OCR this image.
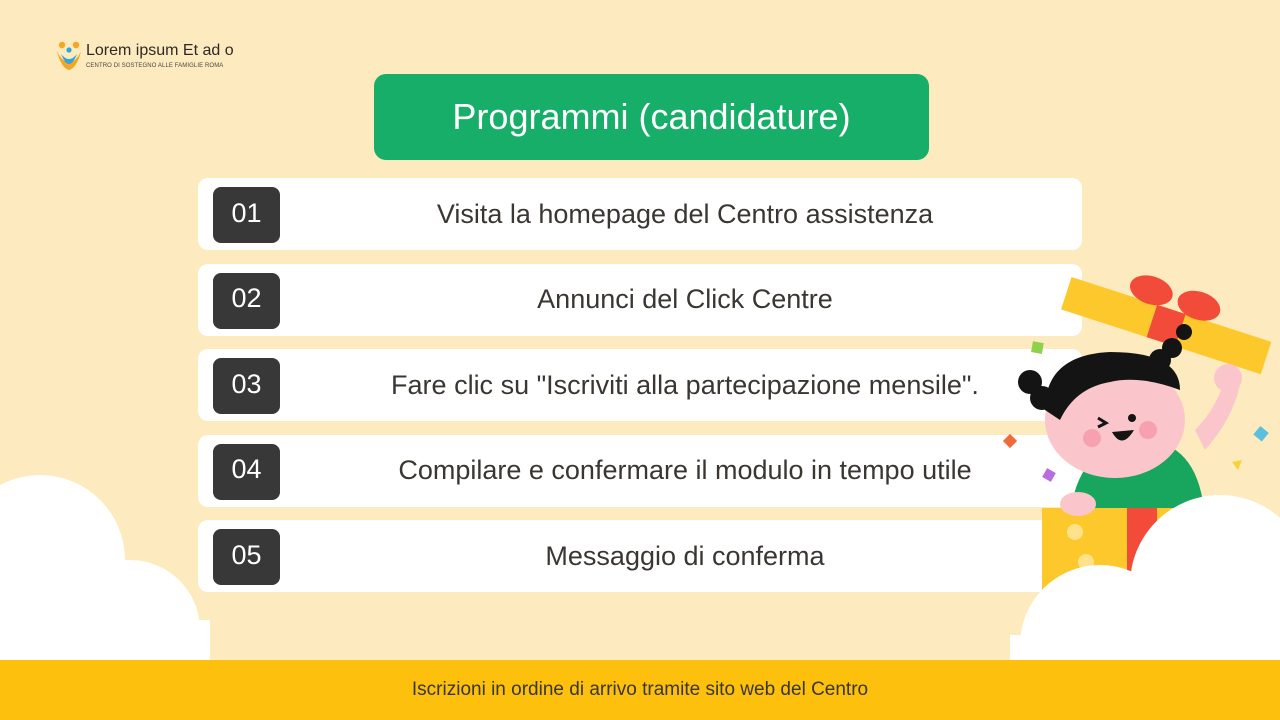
Lorem ipsum Et ad o
CENTRO DI SOSTEGNO ALLE FAMIGLIE ROMA
Programmi (candidature)
01	Visita la homepage del Centro assistenza
02	Annunci del Click Centre
03	Fare clic su "Iscriviti alla partecipazione mensile".
04	Compilare e confermare il modulo in tempo utile
05	Messaggio di conferma
Iscrizioni in ordine di arrivo tramite sito web del Centro
